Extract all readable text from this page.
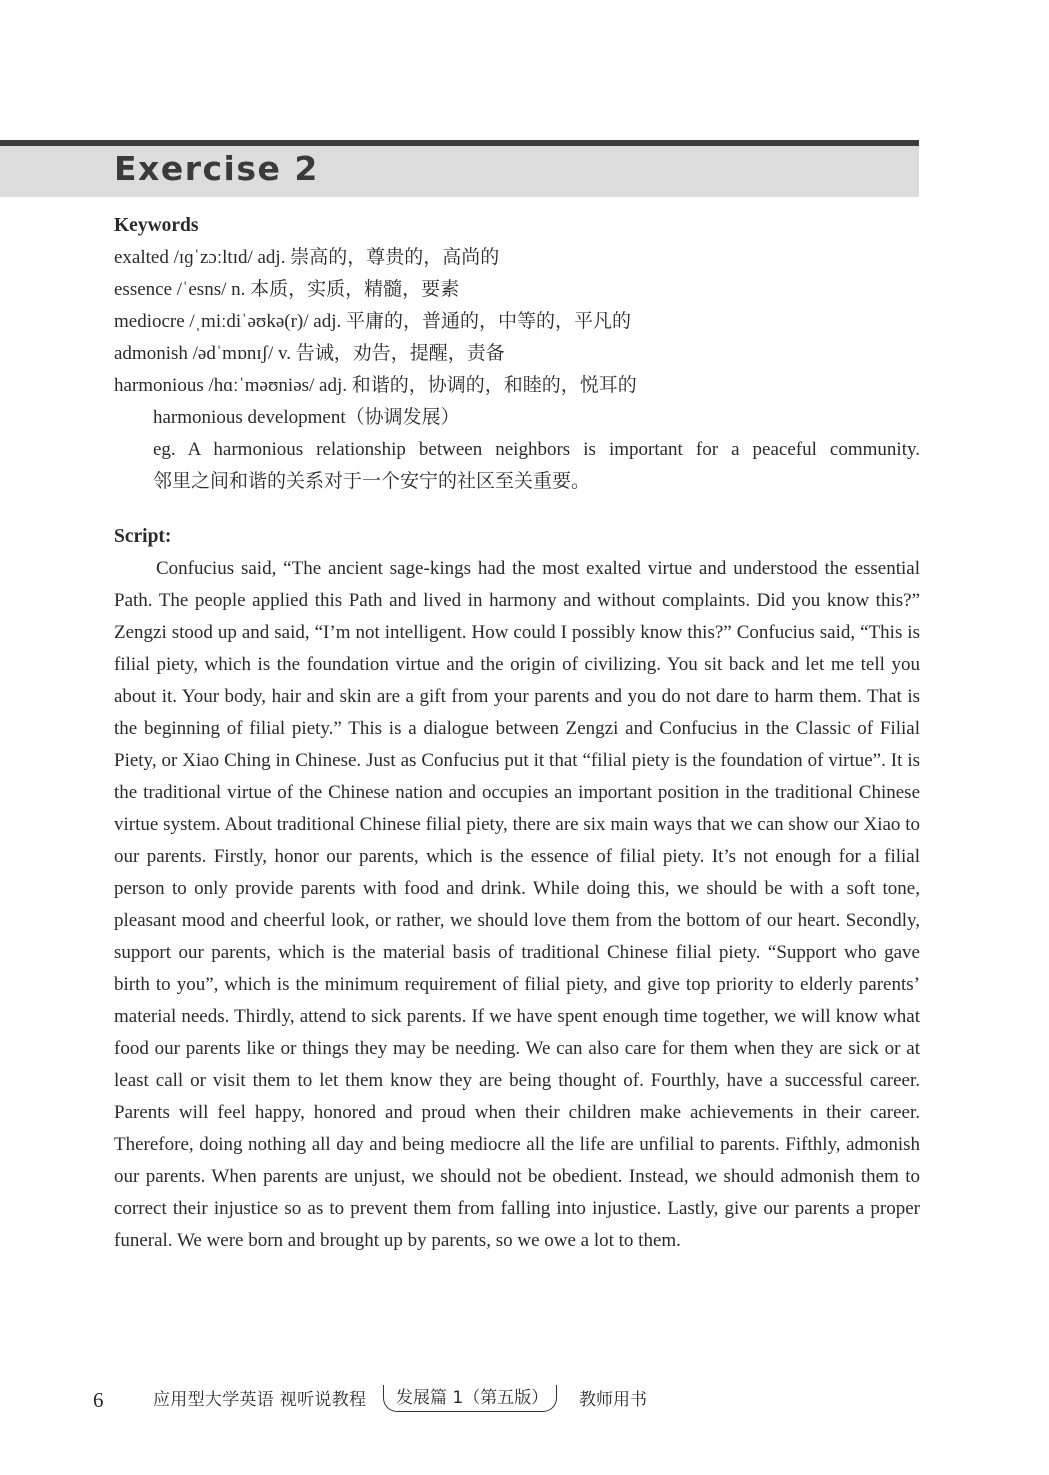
Exercise 2
Keywords
exalted /ɪɡˈzɔːltɪd/ adj. 崇高的，尊贵的，高尚的
essence /ˈesns/ n. 本质，实质，精髓，要素
mediocre /ˌmiːdiˈəʊkə(r)/ adj. 平庸的，普通的，中等的，平凡的
admonish /ədˈmɒnɪʃ/ v. 告诫，劝告，提醒，责备
harmonious /hɑːˈməʊniəs/ adj. 和谐的，协调的，和睦的，悦耳的
harmonious development（协调发展）
eg. A harmonious relationship between neighbors is important for a peaceful community.
邻里之间和谐的关系对于一个安宁的社区至关重要。
Script:
Confucius said, “The ancient sage-kings had the most exalted virtue and understood the essential Path. The people applied this Path and lived in harmony and without complaints. Did you know this?” Zengzi stood up and said, “I’m not intelligent. How could I possibly know this?” Confucius said, “This is filial piety, which is the foundation virtue and the origin of civilizing. You sit back and let me tell you about it. Your body, hair and skin are a gift from your parents and you do not dare to harm them. That is the beginning of filial piety.” This is a dialogue between Zengzi and Confucius in the Classic of Filial Piety, or Xiao Ching in Chinese. Just as Confucius put it that “filial piety is the foundation of virtue”. It is the traditional virtue of the Chinese nation and occupies an important position in the traditional Chinese virtue system. About traditional Chinese filial piety, there are six main ways that we can show our Xiao to our parents. Firstly, honor our parents, which is the essence of filial piety. It’s not enough for a filial person to only provide parents with food and drink. While doing this, we should be with a soft tone, pleasant mood and cheerful look, or rather, we should love them from the bottom of our heart. Secondly, support our parents, which is the material basis of traditional Chinese filial piety. “Support who gave birth to you”, which is the minimum requirement of filial piety, and give top priority to elderly parents’ material needs. Thirdly, attend to sick parents. If we have spent enough time together, we will know what food our parents like or things they may be needing. We can also care for them when they are sick or at least call or visit them to let them know they are being thought of. Fourthly, have a successful career. Parents will feel happy, honored and proud when their children make achievements in their career. Therefore, doing nothing all day and being mediocre all the life are unfilial to parents. Fifthly, admonish our parents. When parents are unjust, we should not be obedient. Instead, we should admonish them to correct their injustice so as to prevent them from falling into injustice. Lastly, give our parents a proper funeral. We were born and brought up by parents, so we owe a lot to them.
6	应用型大学英语 视听说教程	发展篇 1（第五版）	教师用书
